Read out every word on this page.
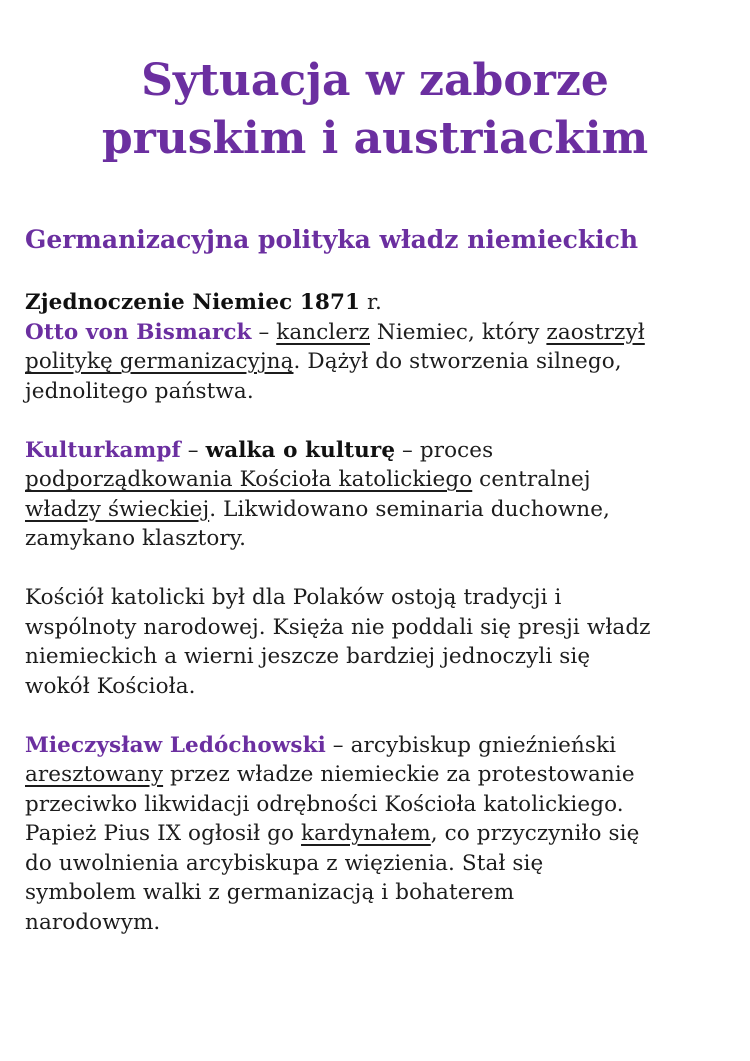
Sytuacja w zaborze
pruskim i austriackim
Germanizacyjna polityka władz niemieckich

Zjednoczenie Niemiec 1871 r.
Otto von Bismarck – kanclerz Niemiec, który zaostrzył
politykę germanizacyjną. Dążył do stworzenia silnego,
jednolitego państwa.

Kulturkampf – walka o kulturę – proces
podporządkowania Kościoła katolickiego centralnej
władzy świeckiej. Likwidowano seminaria duchowne,
zamykano klasztory.

Kościół katolicki był dla Polaków ostoją tradycji i
wspólnoty narodowej. Księża nie poddali się presji władz
niemieckich a wierni jeszcze bardziej jednoczyli się
wokół Kościoła.

Mieczysław Ledóchowski – arcybiskup gnieźnieński
aresztowany przez władze niemieckie za protestowanie
przeciwko likwidacji odrębności Kościoła katolickiego.
Papież Pius IX ogłosił go kardynałem, co przyczyniło się
do uwolnienia arcybiskupa z więzienia. Stał się
symbolem walki z germanizacją i bohaterem
narodowym.
